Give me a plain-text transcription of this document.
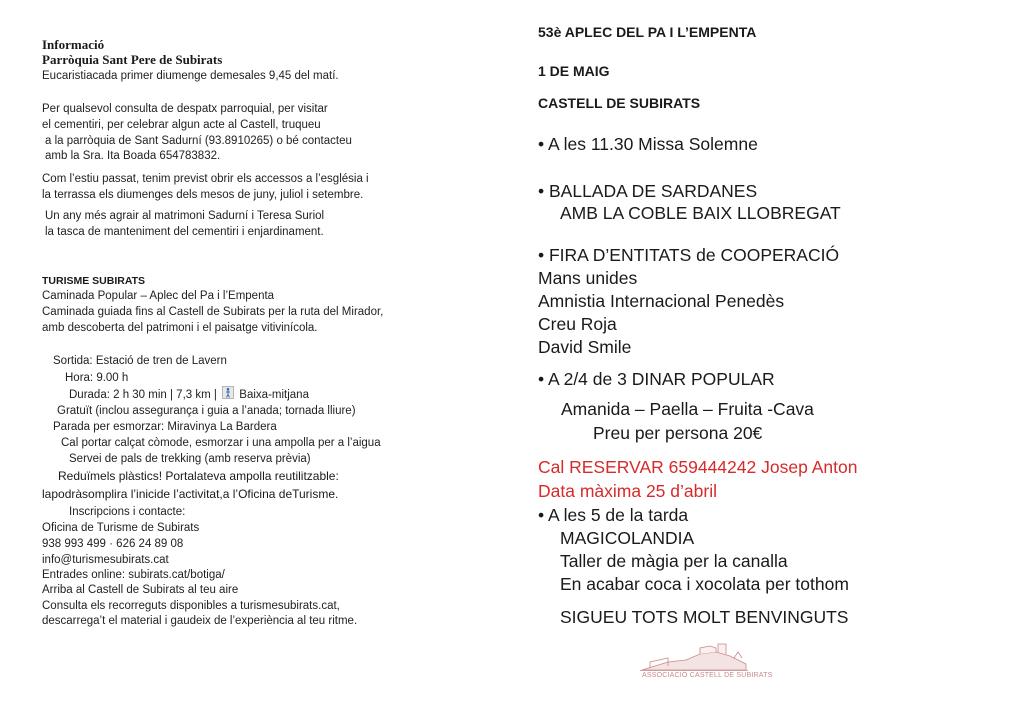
Informació
Parròquia Sant Pere de Subirats
Eucaristiacada primer diumenge demesales 9,45 del matí.
Per qualsevol consulta de despatx parroquial, per visitar
el cementiri, per celebrar algun acte al Castell, truqueu
a la parròquia de Sant Sadurní (93.8910265) o bé contacteu
amb la Sra. Ita Boada 654783832.
Com l’estiu passat, tenim previst obrir els accessos a l’església i
la terrassa els diumenges dels mesos de juny, juliol i setembre.
Un any més agrair al matrimoni Sadurní i Teresa Suriol
la tasca de manteniment del cementiri i enjardinament.
TURISME SUBIRATS
Caminada Popular – Aplec del Pa i l’Empenta
Caminada guiada fins al Castell de Subirats per la ruta del Mirador,
amb descoberta del patrimoni i el paisatge vitivinícola.
Sortida: Estació de tren de Lavern
Hora: 9.00 h
Durada: 2 h 30 min | 7,3 km | Baixa-mitjana
Gratuït (inclou assegurança i guia a l’anada; tornada lliure)
Parada per esmorzar: Miravinya La Bardera
Cal portar calçat còmode, esmorzar i una ampolla per a l’aigua
Servei de pals de trekking (amb reserva prèvia)
Reduïmels plàstics! Portalateva ampolla reutilitzable:
lapodràsomplira l’inicide l’activitat,a l’Oficina deTurisme.
Inscripcions i contacte:
Oficina de Turisme de Subirats
938 993 499 · 626 24 89 08
info@turismesubirats.cat
Entrades online: subirats.cat/botiga/
Arriba al Castell de Subirats al teu aire
Consulta els recorreguts disponibles a turismesubirats.cat,
descarrega’t el material i gaudeix de l’experiència al teu ritme.
53è APLEC DEL PA I L’EMPENTA
1 DE MAIG
CASTELL DE SUBIRATS
• A les 11.30 Missa Solemne
• BALLADA DE SARDANES
AMB LA COBLE BAIX LLOBREGAT
• FIRA D’ENTITATS de COOPERACIÓ
Mans unides
Amnistia Internacional Penedès
Creu Roja
David Smile
• A 2/4 de 3 DINAR POPULAR
Amanida – Paella – Fruita -Cava
Preu per persona 20€
Cal RESERVAR 659444242 Josep Anton
Data màxima 25 d’abril
• A les 5 de la tarda
MAGICOLANDIA
Taller de màgia per la canalla
En acabar coca i xocolata per tothom
SIGUEU TOTS MOLT BENVINGUTS
ASSOCIACIÓ CASTELL DE SUBIRATS
